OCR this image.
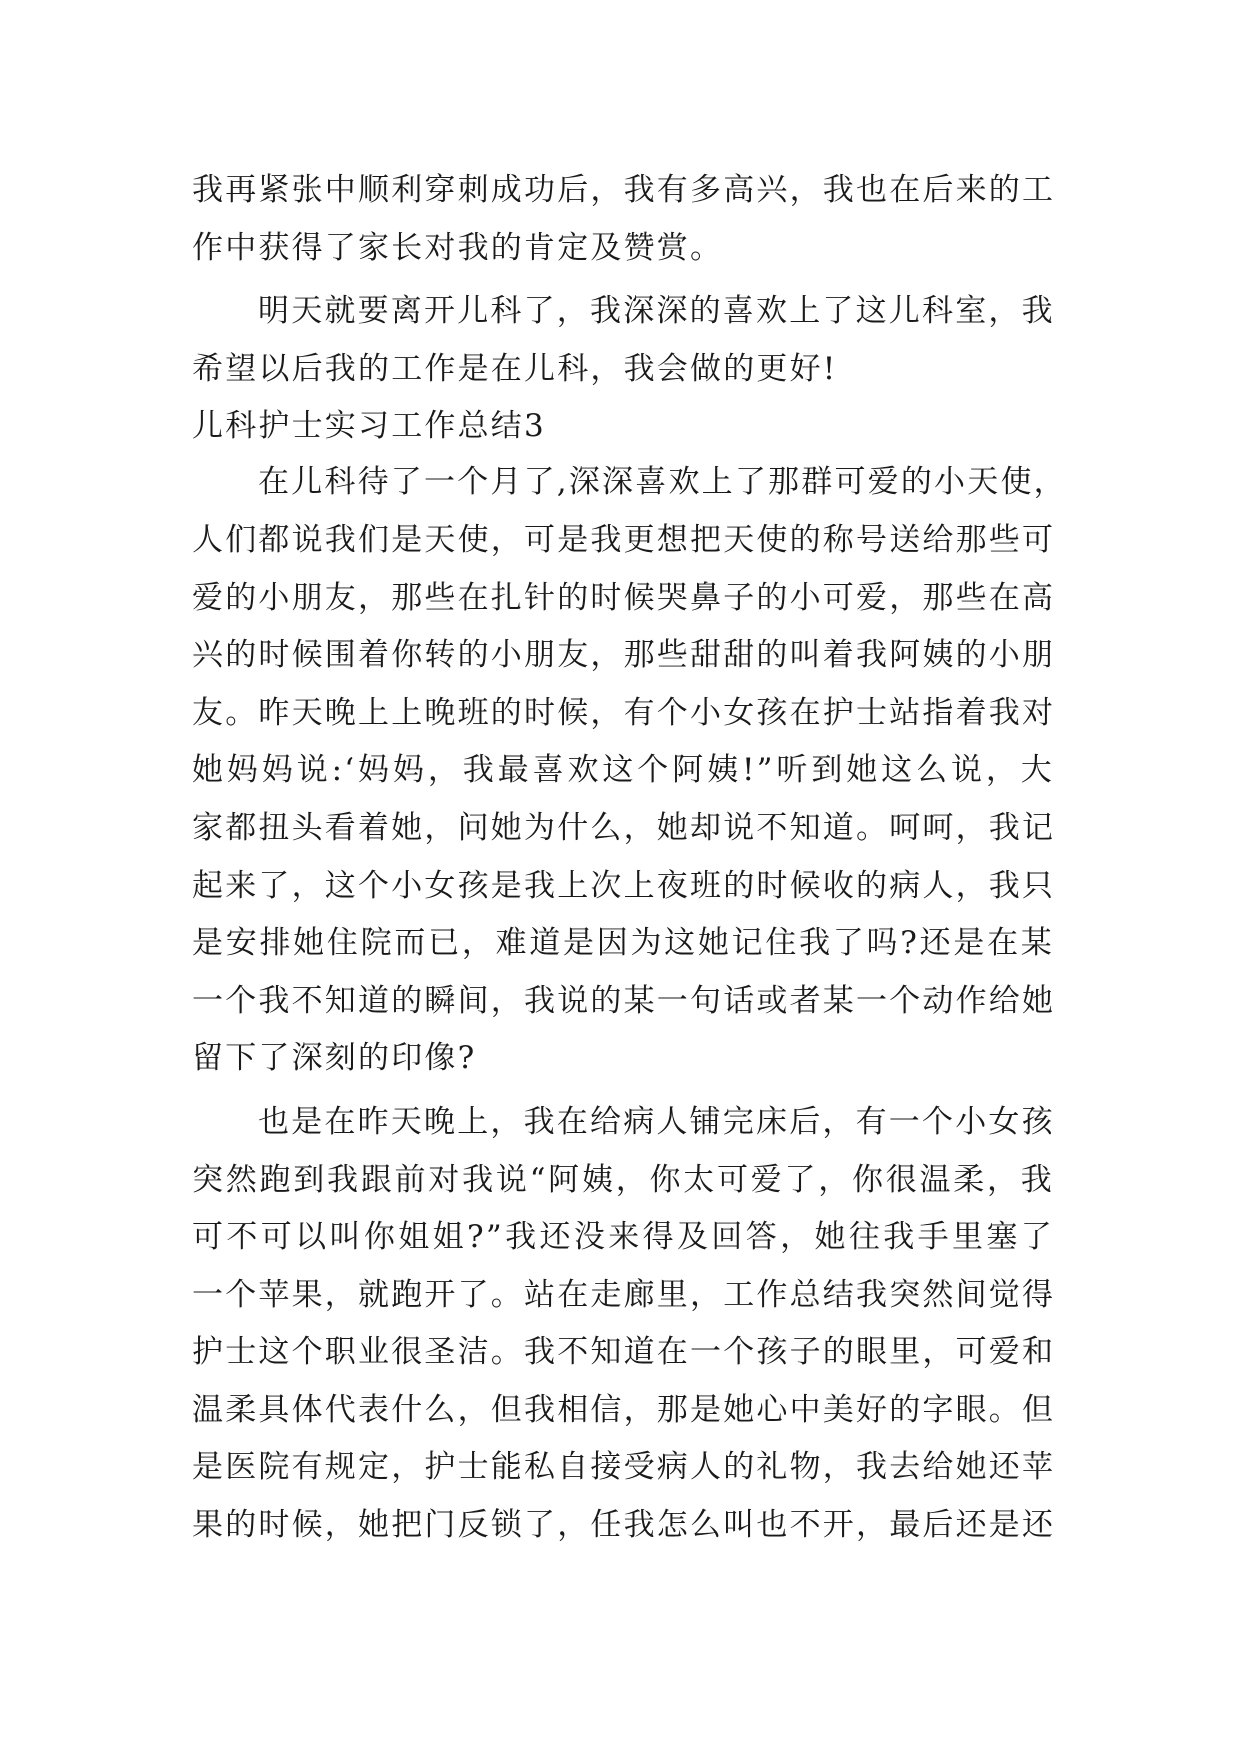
我再紧张中顺利穿刺成功后，我有多高兴，我也在后来的工
作中获得了家长对我的肯定及赞赏。
明天就要离开儿科了，我深深的喜欢上了这儿科室，我
希望以后我的工作是在儿科，我会做的更好!
儿科护士实习工作总结3
在儿科待了一个月了,深深喜欢上了那群可爱的小天使，
人们都说我们是天使，可是我更想把天使的称号送给那些可
爱的小朋友，那些在扎针的时候哭鼻子的小可爱，那些在高
兴的时候围着你转的小朋友，那些甜甜的叫着我阿姨的小朋
友。昨天晚上上晚班的时候，有个小女孩在护士站指着我对
她妈妈说:‘妈妈，我最喜欢这个阿姨!”听到她这么说，大
家都扭头看着她，问她为什么，她却说不知道。呵呵，我记
起来了，这个小女孩是我上次上夜班的时候收的病人，我只
是安排她住院而已，难道是因为这她记住我了吗?还是在某
一个我不知道的瞬间，我说的某一句话或者某一个动作给她
留下了深刻的印像?
也是在昨天晚上，我在给病人铺完床后，有一个小女孩
突然跑到我跟前对我说“阿姨，你太可爱了，你很温柔，我
可不可以叫你姐姐?”我还没来得及回答，她往我手里塞了
一个苹果，就跑开了。站在走廊里，工作总结我突然间觉得
护士这个职业很圣洁。我不知道在一个孩子的眼里，可爱和
温柔具体代表什么，但我相信，那是她心中美好的字眼。但
是医院有规定，护士能私自接受病人的礼物，我去给她还苹
果的时候，她把门反锁了，任我怎么叫也不开，最后还是还
